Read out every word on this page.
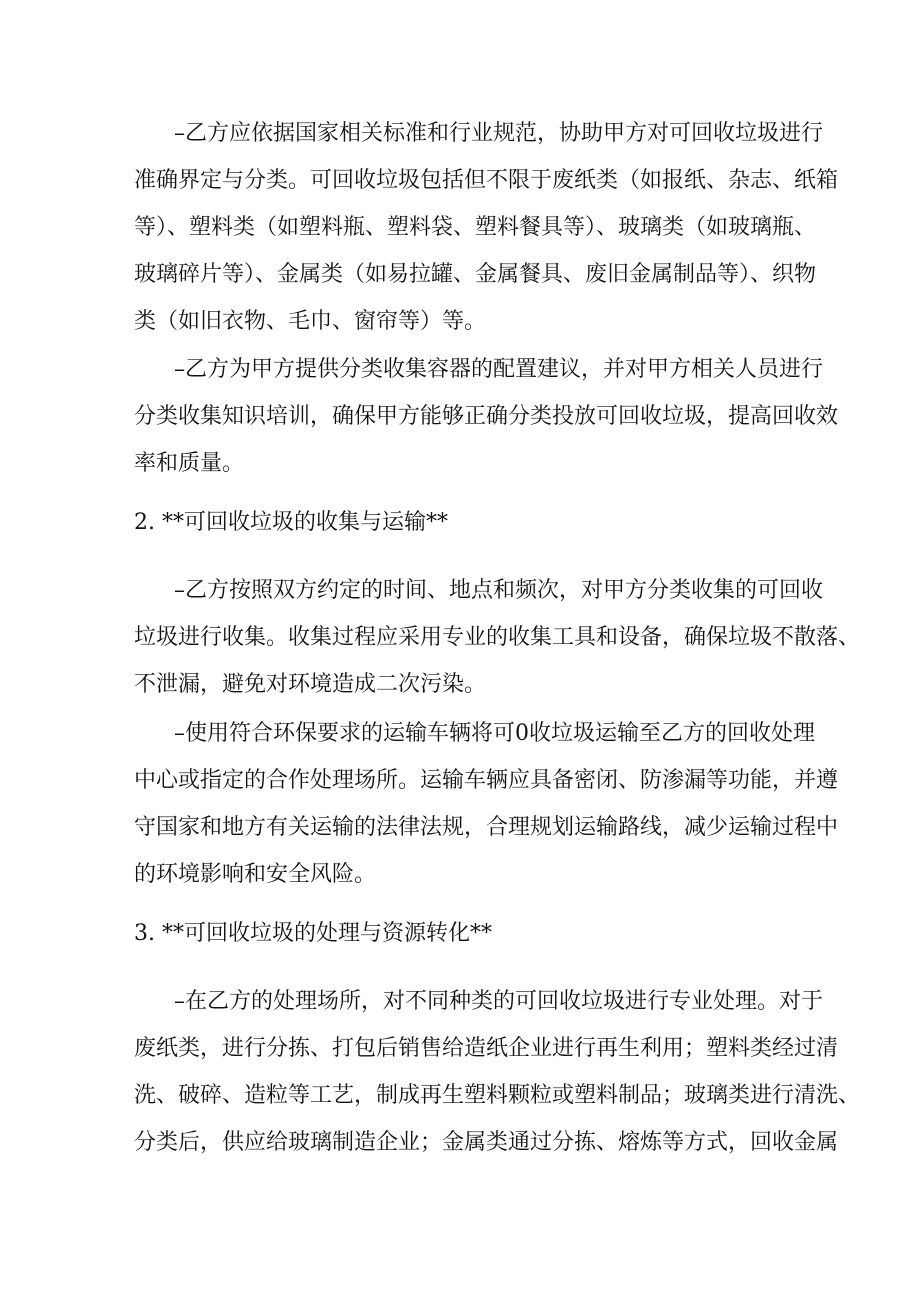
–乙方应依据国家相关标准和行业规范，协助甲方对可回收垃圾进行

准确界定与分类。可回收垃圾包括但不限于废纸类（如报纸、杂志、纸箱

等）、塑料类（如塑料瓶、塑料袋、塑料餐具等）、玻璃类（如玻璃瓶、

玻璃碎片等）、金属类（如易拉罐、金属餐具、废旧金属制品等）、织物

类（如旧衣物、毛巾、窗帘等）等。

–乙方为甲方提供分类收集容器的配置建议，并对甲方相关人员进行

分类收集知识培训，确保甲方能够正确分类投放可回收垃圾，提高回收效

率和质量。

2. **可回收垃圾的收集与运输**

–乙方按照双方约定的时间、地点和频次，对甲方分类收集的可回收

垃圾进行收集。收集过程应采用专业的收集工具和设备，确保垃圾不散落、

不泄漏，避免对环境造成二次污染。

–使用符合环保要求的运输车辆将可0收垃圾运输至乙方的回收处理

中心或指定的合作处理场所。运输车辆应具备密闭、防渗漏等功能，并遵

守国家和地方有关运输的法律法规，合理规划运输路线，减少运输过程中

的环境影响和安全风险。

3. **可回收垃圾的处理与资源转化**

–在乙方的处理场所，对不同种类的可回收垃圾进行专业处理。对于

废纸类，进行分拣、打包后销售给造纸企业进行再生利用；塑料类经过清

洗、破碎、造粒等工艺，制成再生塑料颗粒或塑料制品；玻璃类进行清洗、

分类后，供应给玻璃制造企业；金属类通过分拣、熔炼等方式，回收金属
